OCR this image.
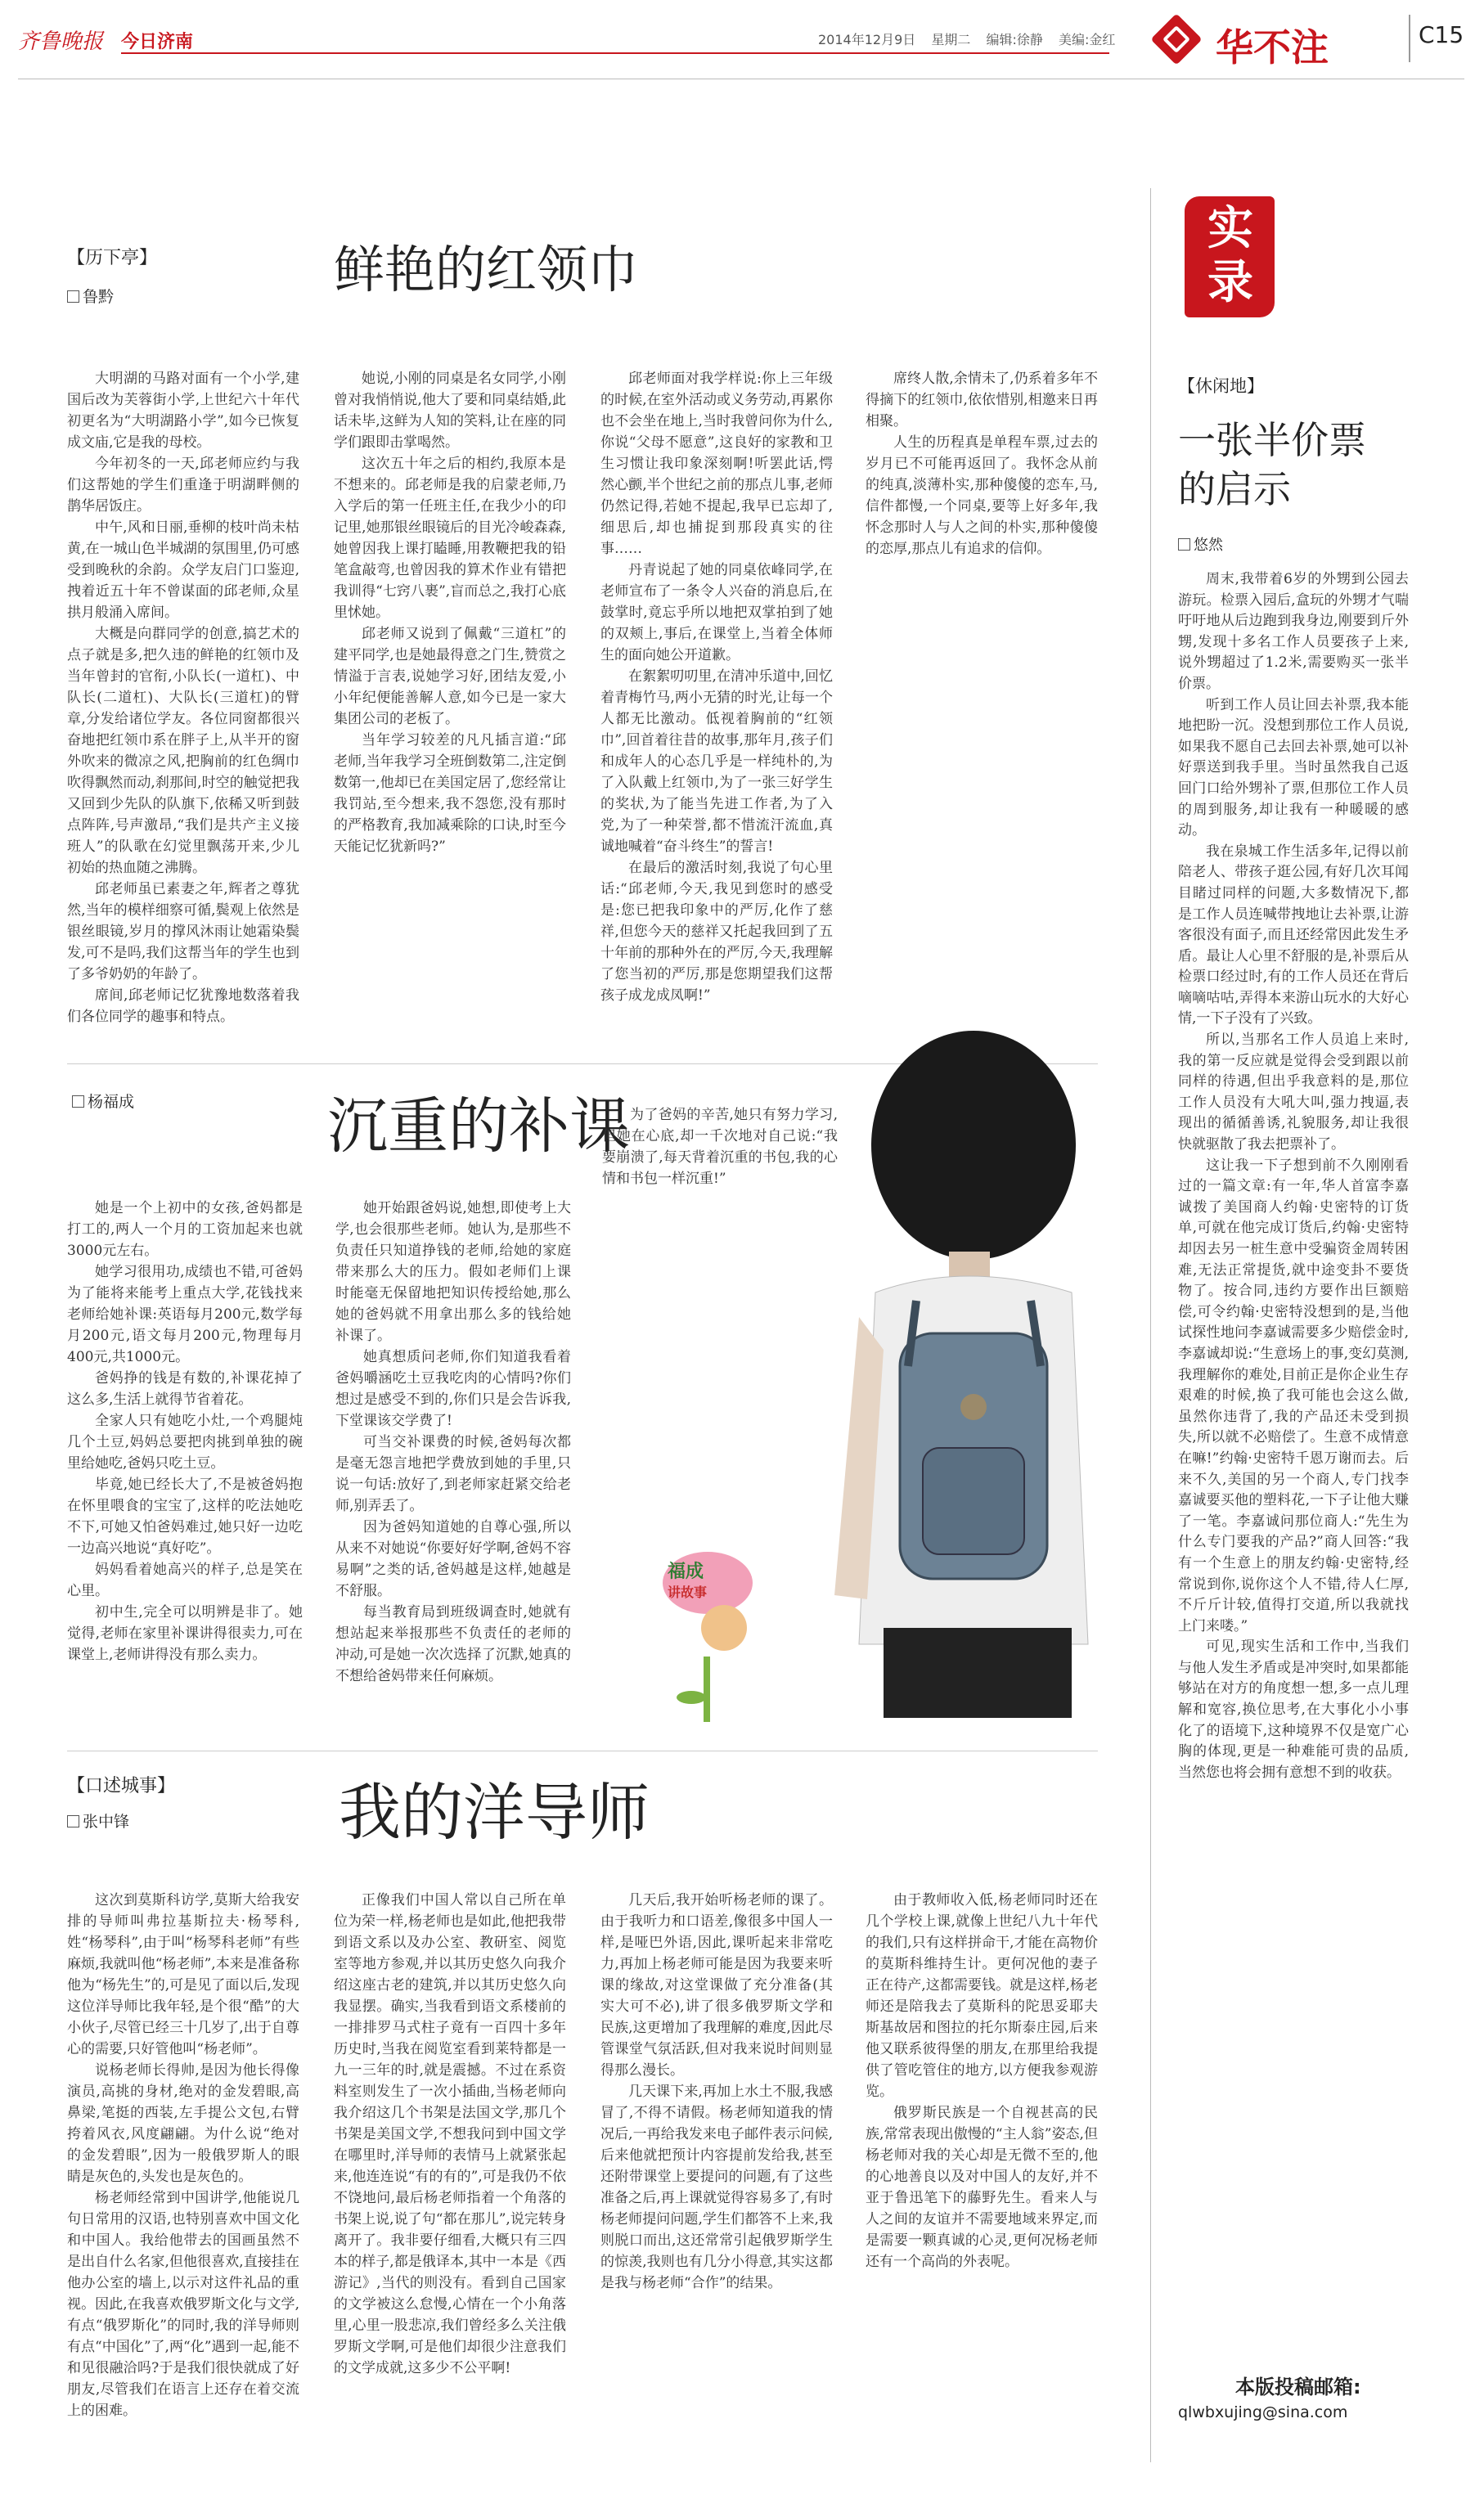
齐鲁晚报 今日济南	2014年12月9日 星期二 编辑:徐静 美编:金红	华不注	C15
【历下亭】
鲁黔	鲜艳的红领巾

大明湖的马路对面有一个小学,建国后改为芙蓉街小学,上世纪六十年代初更名为“大明湖路小学”,如今已恢复成文庙,它是我的母校。

今年初冬的一天,邱老师应约与我们这帮她的学生们重逢于明湖畔侧的鹊华居饭庄。

中午,风和日丽,垂柳的枝叶尚未枯黄,在一城山色半城湖的氛围里,仍可感受到晚秋的余韵。众学友启门口鉴迎,拽着近五十年不曾谋面的邱老师,众星拱月般涌入席间。

大概是向群同学的创意,搞艺术的点子就是多,把久违的鲜艳的红领巾及当年曾封的官衔,小队长(一道杠)、中队长(二道杠)、大队长(三道杠)的臂章,分发给诸位学友。各位同窗都很兴奋地把红领巾系在胖子上,从半开的窗外吹来的微凉之风,把胸前的红色绸巾吹得飘然而动,刹那间,时空的触觉把我又回到少先队的队旗下,依稀又听到鼓点阵阵,号声激昂,“我们是共产主义接班人”的队歌在幻觉里飘荡开来,少儿初始的热血随之沸腾。

邱老师虽已素妻之年,辉者之尊犹然,当年的模样细察可循,鬓观上依然是银丝眼镜,岁月的撑风沐雨让她霜染鬓发,可不是吗,我们这帮当年的学生也到了多爷奶奶的年龄了。

席间,邱老师记忆犹豫地数落着我们各位同学的趣事和特点。

她说,小刚的同桌是名女同学,小刚曾对我悄悄说,他大了要和同桌结婚,此话未毕,这鲜为人知的笑料,让在座的同学们跟即击掌喝然。

这次五十年之后的相约,我原本是不想来的。邱老师是我的启蒙老师,乃入学后的第一任班主任,在我少小的印记里,她那银丝眼镜后的目光冷峻森森,她曾因我上课打瞌睡,用教鞭把我的铅笔盒敲弯,也曾因我的算术作业有错把我训得“七窍八裹”,盲而总之,我打心底里怵她。

邱老师又说到了佩戴“三道杠”的建平同学,也是她最得意之门生,赞赏之情溢于言表,说她学习好,团结友爱,小小年纪便能善解人意,如今已是一家大集团公司的老板了。

当年学习较差的凡凡插言道:“邱老师,当年我学习全班倒数第二,注定倒数第一,他却已在美国定居了,您经常让我罚站,至今想来,我不怨您,没有那时的严格教育,我加减乘除的口诀,时至今天能记忆犹新吗?”

邱老师面对我学样说:你上三年级的时候,在室外活动或义务劳动,再累你也不会坐在地上,当时我曾问你为什么,你说“父母不愿意”,这良好的家教和卫生习惯让我印象深刻啊!听罢此话,愕然心颤,半个世纪之前的那点儿事,老师仍然记得,若她不提起,我早已忘却了,细思后,却也捕捉到那段真实的往事……

丹青说起了她的同桌依峰同学,在老师宣布了一条令人兴奋的消息后,在鼓掌时,竟忘乎所以地把双掌拍到了她的双颊上,事后,在课堂上,当着全体师生的面向她公开道歉。

在絮絮叨叨里,在清冲乐道中,回忆着青梅竹马,两小无猜的时光,让每一个人都无比激动。低视着胸前的“红领巾”,回首着往昔的故事,那年月,孩子们和成年人的心态几乎是一样纯朴的,为了入队戴上红领巾,为了一张三好学生的奖状,为了能当先进工作者,为了入党,为了一种荣誉,都不惜流汗流血,真诚地喊着“奋斗终生”的誓言!

在最后的激活时刻,我说了句心里话:“邱老师,今天,我见到您时的感受是:您已把我印象中的严厉,化作了慈祥,但您今天的慈祥又托起我回到了五十年前的那种外在的严厉,今天,我理解了您当初的严厉,那是您期望我们这帮孩子成龙成凤啊!”

席终人散,余情未了,仍系着多年不得摘下的红领巾,依依惜别,相邀来日再相聚。

人生的历程真是单程车票,过去的岁月已不可能再返回了。我怀念从前的纯真,淡薄朴实,那种傻傻的恋车,马,信件都慢,一个同桌,要等上好多年,我怀念那时人与人之间的朴实,那种傻傻的恋厚,那点儿有追求的信仰。

杨福成	沉重的补课

她是一个上初中的女孩,爸妈都是打工的,两人一个月的工资加起来也就3000元左右。

她学习很用功,成绩也不错,可爸妈为了能将来能考上重点大学,花钱找来老师给她补课:英语每月200元,数学每月200元,语文每月200元,物理每月400元,共1000元。

爸妈挣的钱是有数的,补课花掉了这么多,生活上就得节省着花。

全家人只有她吃小灶,一个鸡腿炖几个土豆,妈妈总要把肉挑到单独的碗里给她吃,爸妈只吃土豆。

毕竟,她已经长大了,不是被爸妈抱在怀里喂食的宝宝了,这样的吃法她吃不下,可她又怕爸妈难过,她只好一边吃一边高兴地说“真好吃”。

妈妈看着她高兴的样子,总是笑在心里。

初中生,完全可以明辨是非了。她觉得,老师在家里补课讲得很卖力,可在课堂上,老师讲得没有那么卖力。

她开始跟爸妈说,她想,即使考上大学,也会很那些老师。她认为,是那些不负责任只知道挣钱的老师,给她的家庭带来那么大的压力。假如老师们上课时能毫无保留地把知识传授给她,那么她的爸妈就不用拿出那么多的钱给她补课了。

她真想质问老师,你们知道我看着爸妈嚼涵吃土豆我吃肉的心情吗?你们想过是感受不到的,你们只是会告诉我,下堂课该交学费了!

可当交补课费的时候,爸妈每次都是毫无怨言地把学费放到她的手里,只说一句话:放好了,到老师家赶紧交给老师,别弄丢了。

因为爸妈知道她的自尊心强,所以从来不对她说“你要好好学啊,爸妈不容易啊”之类的话,爸妈越是这样,她越是不舒服。

每当教育局到班级调查时,她就有想站起来举报那些不负责任的老师的冲动,可是她一次次选择了沉默,她真的不想给爸妈带来任何麻烦。

为了爸妈的辛苦,她只有努力学习,但她在心底,却一千次地对自己说:“我要崩溃了,每天背着沉重的书包,我的心情和书包一样沉重!”

福成
讲故事
【口述城事】
张中锋	我的洋导师

这次到莫斯科访学,莫斯大给我安排的导师叫弗拉基斯拉夫·杨琴科,姓“杨琴科”,由于叫“杨琴科老师”有些麻烦,我就叫他“杨老师”,本来是准备称他为“杨先生”的,可是见了面以后,发现这位洋导师比我年轻,是个很“酷”的大小伙子,尽管已经三十几岁了,出于自尊心的需要,只好管他叫“杨老师”。

说杨老师长得帅,是因为他长得像演员,高挑的身材,绝对的金发碧眼,高鼻梁,笔挺的西装,左手提公文包,右臂挎着风衣,风度翩翩。为什么说“绝对的金发碧眼”,因为一般俄罗斯人的眼睛是灰色的,头发也是灰色的。

杨老师经常到中国讲学,他能说几句日常用的汉语,也特别喜欢中国文化和中国人。我给他带去的国画虽然不是出自什么名家,但他很喜欢,直接挂在他办公室的墙上,以示对这件礼品的重视。因此,在我喜欢俄罗斯文化与文学,有点“俄罗斯化”的同时,我的洋导师则有点“中国化”了,两“化”遇到一起,能不和见很融洽吗?于是我们很快就成了好朋友,尽管我们在语言上还存在着交流上的困难。

正像我们中国人常以自己所在单位为荣一样,杨老师也是如此,他把我带到语文系以及办公室、教研室、阅览室等地方参观,并以其历史悠久向我介绍这座古老的建筑,并以其历史悠久向我显摆。确实,当我看到语文系楼前的一排排罗马式柱子竟有一百四十多年历史时,当我在阅览室看到莱特都是一九一三年的时,就是震撼。不过在系资料室则发生了一次小插曲,当杨老师向我介绍这几个书架是法国文学,那几个书架是美国文学,不想我问到中国文学在哪里时,洋导师的表情马上就紧张起来,他连连说“有的有的”,可是我仍不依不饶地问,最后杨老师指着一个角落的书架上说,说了句“都在那儿”,说完转身离开了。我非要仔细看,大概只有三四本的样子,都是俄译本,其中一本是《西游记》,当代的则没有。看到自己国家的文学被这么怠慢,心情在一个小角落里,心里一股悲凉,我们曾经多么关注俄罗斯文学啊,可是他们却很少注意我们的文学成就,这多少不公平啊!

几天后,我开始听杨老师的课了。由于我听力和口语差,像很多中国人一样,是哑巴外语,因此,课听起来非常吃力,再加上杨老师可能是因为我要来听课的缘故,对这堂课做了充分准备(其实大可不必),讲了很多俄罗斯文学和民族,这更增加了我理解的难度,因此尽管课堂气氛活跃,但对我来说时间则显得那么漫长。

几天课下来,再加上水土不服,我感冒了,不得不请假。杨老师知道我的情况后,一再给我发来电子邮件表示问候,后来他就把预计内容提前发给我,甚至还附带课堂上要提问的问题,有了这些准备之后,再上课就觉得容易多了,有时杨老师提问问题,学生们都答不上来,我则脱口而出,这还常常引起俄罗斯学生的惊羡,我则也有几分小得意,其实这都是我与杨老师“合作”的结果。

由于教师收入低,杨老师同时还在几个学校上课,就像上世纪八九十年代的我们,只有这样拼命干,才能在高物价的莫斯科维持生计。更何况他的妻子正在待产,这都需要钱。就是这样,杨老师还是陪我去了莫斯科的陀思妥耶夫斯基故居和图拉的托尔斯泰庄园,后来他又联系彼得堡的朋友,在那里给我提供了管吃管住的地方,以方便我参观游览。

俄罗斯民族是一个自视甚高的民族,常常表现出傲慢的“主人翁”姿态,但杨老师对我的关心却是无微不至的,他的心地善良以及对中国人的友好,并不亚于鲁迅笔下的藤野先生。看来人与人之间的友谊并不需要地域来界定,而是需要一颗真诚的心灵,更何况杨老师还有一个高尚的外表呢。

实录
【休闲地】
一张半价票的启示
悠然

周末,我带着6岁的外甥到公园去游玩。检票入园后,盒玩的外甥才气喘吁吁地从后边跑到我身边,刚要到斤外甥,发现十多名工作人员要孩子上来,说外甥超过了1.2米,需要购买一张半价票。

听到工作人员让回去补票,我本能地把盼一沉。没想到那位工作人员说,如果我不愿自己去回去补票,她可以补好票送到我手里。当时虽然我自己返回门口给外甥补了票,但那位工作人员的周到服务,却让我有一种暖暖的感动。

我在泉城工作生活多年,记得以前陪老人、带孩子逛公园,有好几次耳闻目睹过同样的问题,大多数情况下,都是工作人员连喊带拽地让去补票,让游客很没有面子,而且还经常因此发生矛盾。最让人心里不舒服的是,补票后从检票口经过时,有的工作人员还在背后嘀嘀咕咕,弄得本来游山玩水的大好心情,一下子没有了兴致。

所以,当那名工作人员追上来时,我的第一反应就是觉得会受到跟以前同样的待遇,但出乎我意料的是,那位工作人员没有大吼大叫,强力拽逼,表现出的循循善诱,礼貌服务,却让我很快就驱散了我去把票补了。

这让我一下子想到前不久刚刚看过的一篇文章:有一年,华人首富李嘉诚拨了美国商人约翰·史密特的订货单,可就在他完成订货后,约翰·史密特却因去另一桩生意中受骗资金周转困难,无法正常提货,就中途变卦不要货物了。按合同,违约方要作出巨额赔偿,可令约翰·史密特没想到的是,当他试探性地问李嘉诚需要多少赔偿金时,李嘉诚却说:“生意场上的事,变幻莫测,我理解你的难处,目前正是你企业生存艰难的时候,换了我可能也会这么做,虽然你违背了,我的产品还未受到损失,所以就不必赔偿了。生意不成情意在嘛!”约翰·史密特千恩万谢而去。后来不久,美国的另一个商人,专门找李嘉诚要买他的塑料花,一下子让他大赚了一笔。李嘉诚问那位商人:“先生为什么专门要我的产品?”商人回答:“我有一个生意上的朋友约翰·史密特,经常说到你,说你这个人不错,待人仁厚,不斤斤计较,值得打交道,所以我就找上门来喽。”

可见,现实生活和工作中,当我们与他人发生矛盾或是冲突时,如果都能够站在对方的角度想一想,多一点儿理解和宽容,换位思考,在大事化小小事化了的语境下,这种境界不仅是宽广心胸的体现,更是一种难能可贵的品质,当然您也将会拥有意想不到的收获。

本版投稿邮箱:
qlwbxujing@sina.com
